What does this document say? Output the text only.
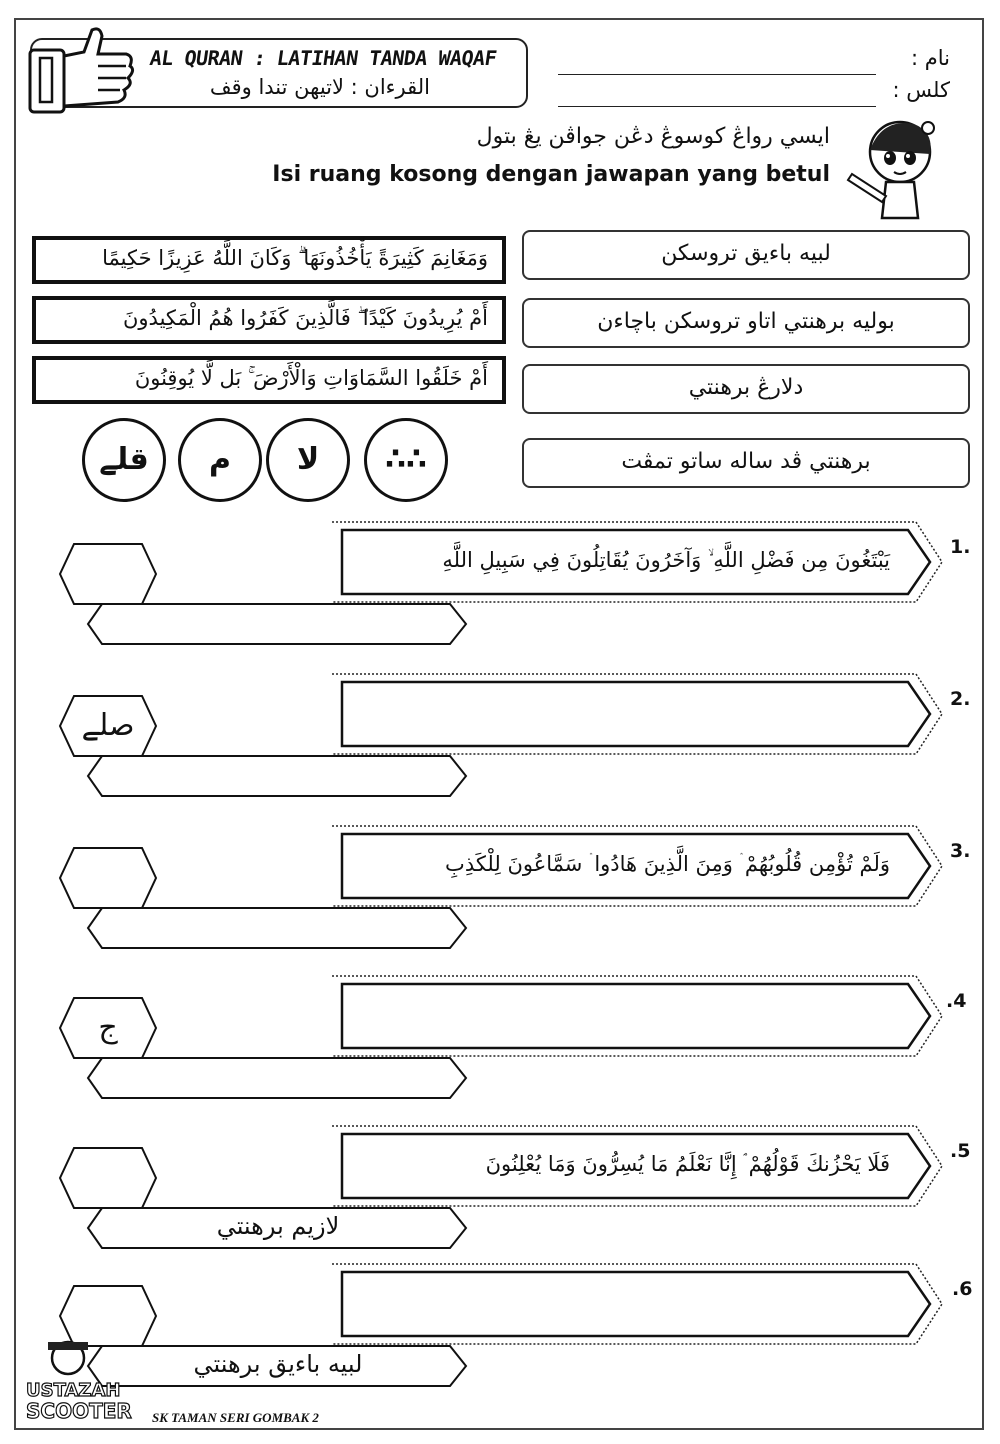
AL QURAN : LATIHAN TANDA WAQAF
القرءان : لاتيهن تندا وقف
نام :
كلس :
ايسي رواڠ کوسوڠ دڠن جواڤن يڠ بتول
Isi ruang kosong dengan jawapan yang betul
وَمَغَانِمَ كَثِيرَةً يَأْخُذُونَهَا ۗ وَكَانَ اللَّهُ عَزِيزًا حَكِيمًا
أَمْ يُرِيدُونَ كَيْدًا ۖ فَالَّذِينَ كَفَرُوا هُمُ الْمَكِيدُونَ
أَمْ خَلَقُوا السَّمَاوَاتِ وَالْأَرْضَ ۚ بَل لَّا يُوقِنُونَ
لبيه باءيق تروسکن
بوليه برهنتي اتاو تروسکن باچاءن
دلارڠ برهنتي
برهنتي ڤد ساله ساتو تمڤت
قلے	م	لا	∴∴
1.
يَبْتَغُونَ مِن فَضْلِ اللَّهِ ۙ وَآخَرُونَ يُقَاتِلُونَ فِي سَبِيلِ اللَّهِ
2.
صلے
3.
وَلَمْ تُؤْمِن قُلُوبُهُمْ ۛ وَمِنَ الَّذِينَ هَادُوا ۛ سَمَّاعُونَ لِلْكَذِبِ
.4
ج
.5
فَلَا يَحْزُنكَ قَوْلُهُمْ ۘ إِنَّا نَعْلَمُ مَا يُسِرُّونَ وَمَا يُعْلِنُونَ
لازيم برهنتي
.6
لبيه باءيق برهنتي
USTAZAH
SCOOTER SK TAMAN SERI GOMBAK 2
